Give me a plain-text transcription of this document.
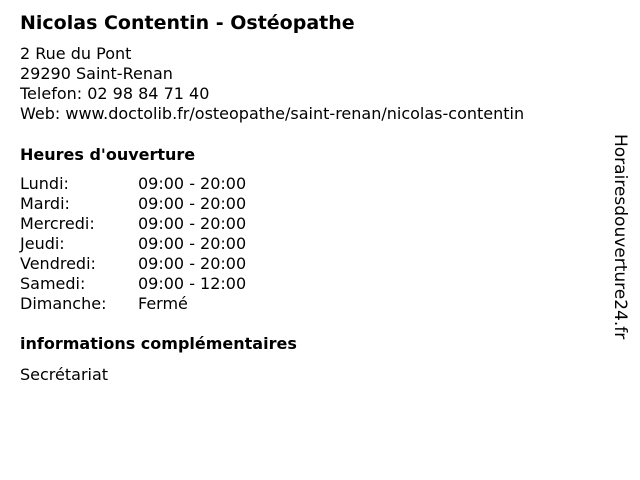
Nicolas Contentin - Ostéopathe
2 Rue du Pont
29290 Saint-Renan
Telefon: 02 98 84 71 40
Web: www.doctolib.fr/osteopathe/saint-renan/nicolas-contentin
Heures d'ouverture
Lundi:	09:00 - 20:00
Mardi:	09:00 - 20:00
Mercredi:	09:00 - 20:00
Jeudi:	09:00 - 20:00
Vendredi:	09:00 - 20:00
Samedi:	09:00 - 12:00
Dimanche:	Fermé
informations complémentaires
Secrétariat
Horairesdouverture24.fr
